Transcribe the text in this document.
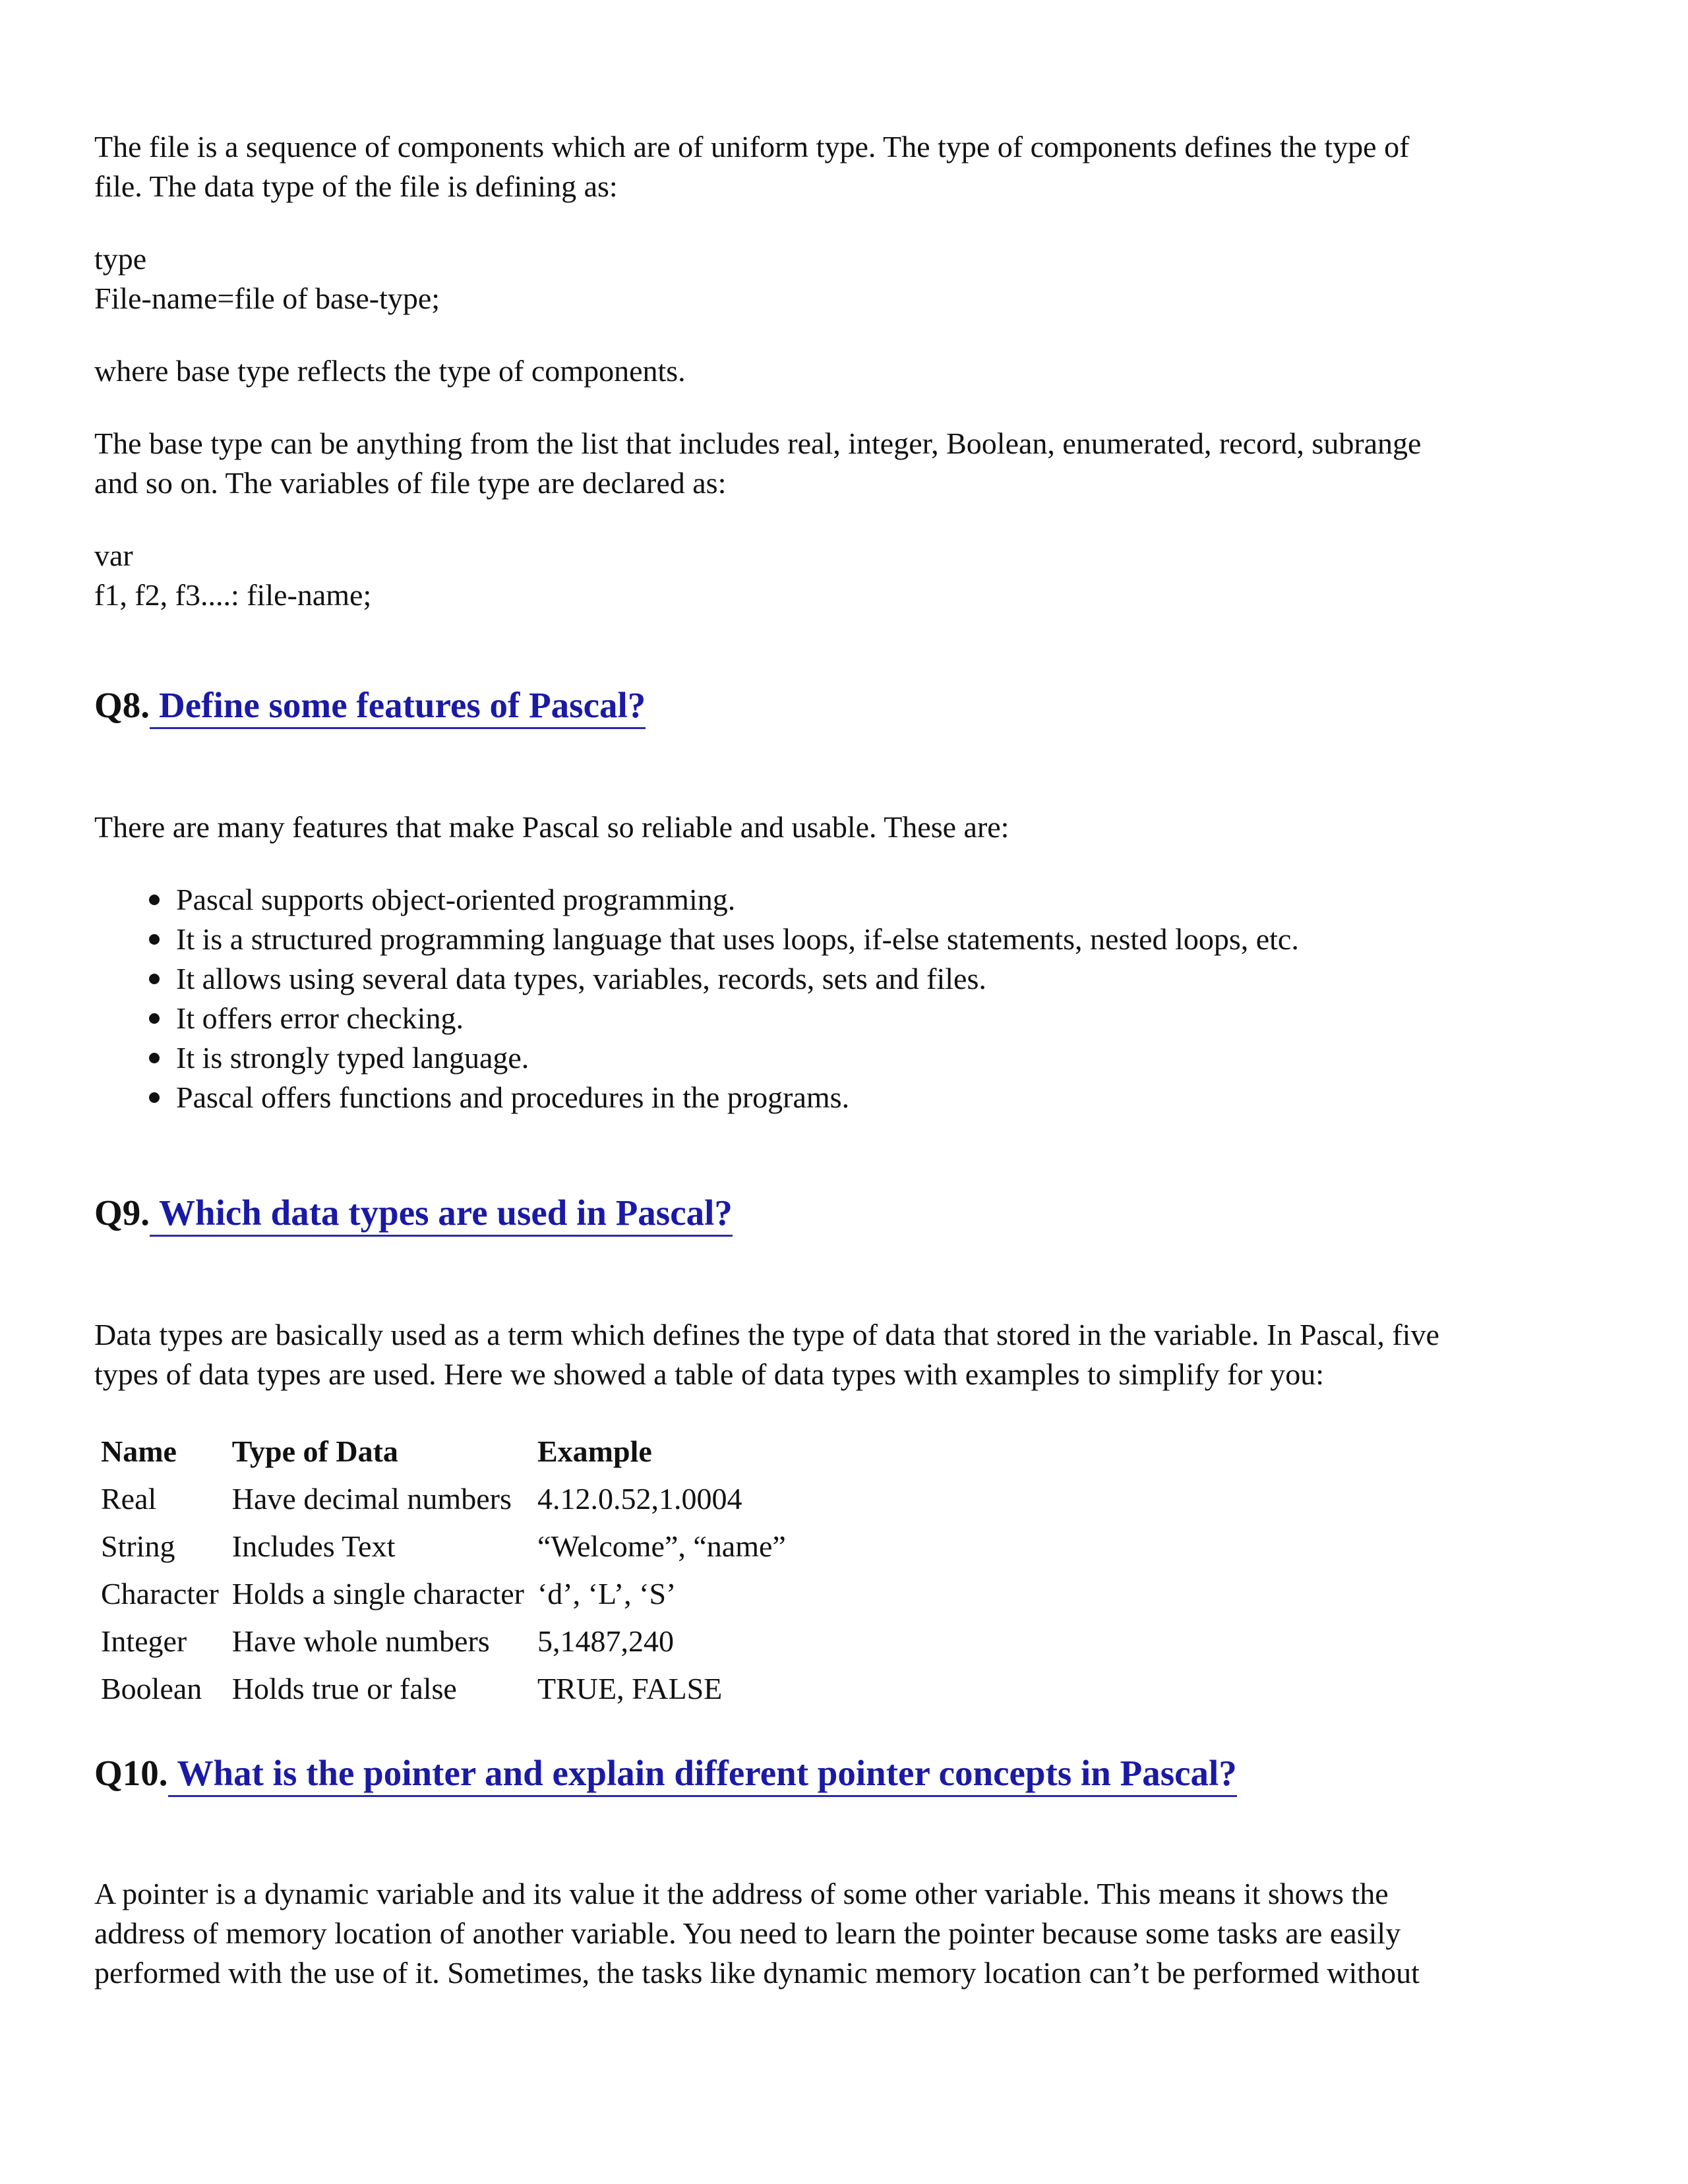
The file is a sequence of components which are of uniform type. The type of components defines the type of
file. The data type of the file is defining as:

type
File-name=file of base-type;

where base type reflects the type of components.

The base type can be anything from the list that includes real, integer, Boolean, enumerated, record, subrange
and so on. The variables of file type are declared as:

var
f1, f2, f3....: file-name;

Q8. Define some features of Pascal?

There are many features that make Pascal so reliable and usable. These are:

Pascal supports object-oriented programming.
It is a structured programming language that uses loops, if-else statements, nested loops, etc.
It allows using several data types, variables, records, sets and files.
It offers error checking.
It is strongly typed language.
Pascal offers functions and procedures in the programs.
Q9. Which data types are used in Pascal?

Data types are basically used as a term which defines the type of data that stored in the variable. In Pascal, five
types of data types are used. Here we showed a table of data types with examples to simplify for you:

Name	Type of Data	Example
Real	Have decimal numbers	4.12.0.52,1.0004
String	Includes Text	“Welcome”, “name”
Character	Holds a single character	‘d’, ‘L’, ‘S’
Integer	Have whole numbers	5,1487,240
Boolean	Holds true or false	TRUE, FALSE
Q10. What is the pointer and explain different pointer concepts in Pascal?

A pointer is a dynamic variable and its value it the address of some other variable. This means it shows the
address of memory location of another variable. You need to learn the pointer because some tasks are easily
performed with the use of it. Sometimes, the tasks like dynamic memory location can’t be performed without
